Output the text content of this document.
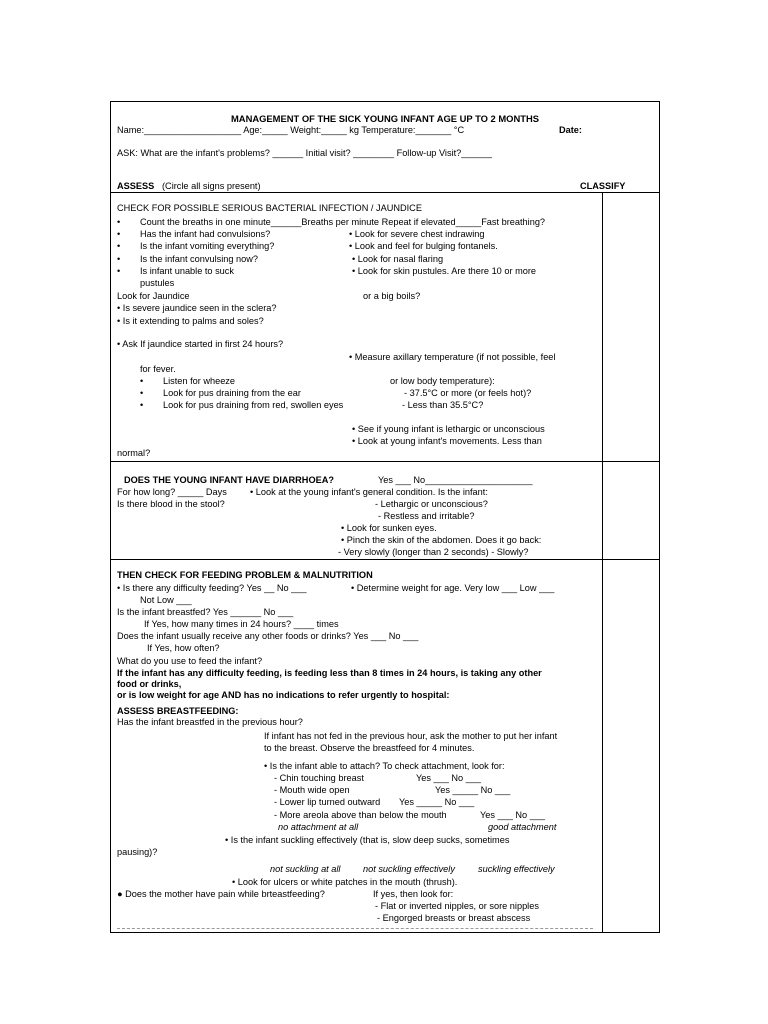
MANAGEMENT OF THE SICK YOUNG INFANT AGE UP TO 2 MONTHS
Name:___________________ Age:_____ Weight:_____ kg Temperature:_______ °C	Date:
ASK: What are the infant's problems? ______ Initial visit? ________ Follow-up Visit?______
ASSESS (Circle all signs present)	CLASSIFY
CHECK FOR POSSIBLE SERIOUS BACTERIAL INFECTION / JAUNDICE
• Count the breaths in one minute______Breaths per minute Repeat if elevated_____Fast breathing?
• Has the infant had convulsions?	• Look for severe chest indrawing
• Is the infant vomiting everything?	• Look and feel for bulging fontanels.
• Is the infant convulsing now?	• Look for nasal flaring
• Is infant unable to suck	• Look for skin pustules. Are there 10 or more
pustules
Look for Jaundice	or a big boils?
• Is severe jaundice seen in the sclera?
• Is it extending to palms and soles?
• Ask If jaundice started in first 24 hours?
• Measure axillary temperature (if not possible, feel
for fever.
• Listen for wheeze	or low body temperature):
• Look for pus draining from the ear	- 37.5°C or more (or feels hot)?
• Look for pus draining from red, swollen eyes	- Less than 35.5°C?
• See if young infant is lethargic or unconscious
• Look at young infant's movements. Less than
normal?
DOES THE YOUNG INFANT HAVE DIARRHOEA?	Yes ___ No_____________________
For how long? _____ Days	• Look at the young infant's general condition. Is the infant:
Is there blood in the stool?	- Lethargic or unconscious?
- Restless and irritable?
• Look for sunken eyes.
• Pinch the skin of the abdomen. Does it go back:
- Very slowly (longer than 2 seconds) - Slowly?
THEN CHECK FOR FEEDING PROBLEM & MALNUTRITION
• Is there any difficulty feeding? Yes __ No ___	• Determine weight for age. Very low ___ Low ___
Not Low ___
Is the infant breastfed? Yes ______ No ___
If Yes, how many times in 24 hours? ____ times
Does the infant usually receive any other foods or drinks? Yes ___ No ___
If Yes, how often?
What do you use to feed the infant?
If the infant has any difficulty feeding, is feeding less than 8 times in 24 hours, is taking any other
food or drinks,
or is low weight for age AND has no indications to refer urgently to hospital:
ASSESS BREASTFEEDING:
Has the infant breastfed in the previous hour?
If infant has not fed in the previous hour, ask the mother to put her infant
to the breast. Observe the breastfeed for 4 minutes.
• Is the infant able to attach? To check attachment, look for:
- Chin touching breast	Yes ___ No ___
- Mouth wide open	Yes _____ No ___
- Lower lip turned outward Yes _____ No ___
- More areola above than below the mouth	Yes ___ No ___
no attachment at all	good attachment
• Is the infant suckling effectively (that is, slow deep sucks, sometimes
pausing)?
not suckling at all not suckling effectively	suckling effectively
• Look for ulcers or white patches in the mouth (thrush).
● Does the mother have pain while brteastfeeding?	If yes, then look for:
- Flat or inverted nipples, or sore nipples
- Engorged breasts or breast abscess
